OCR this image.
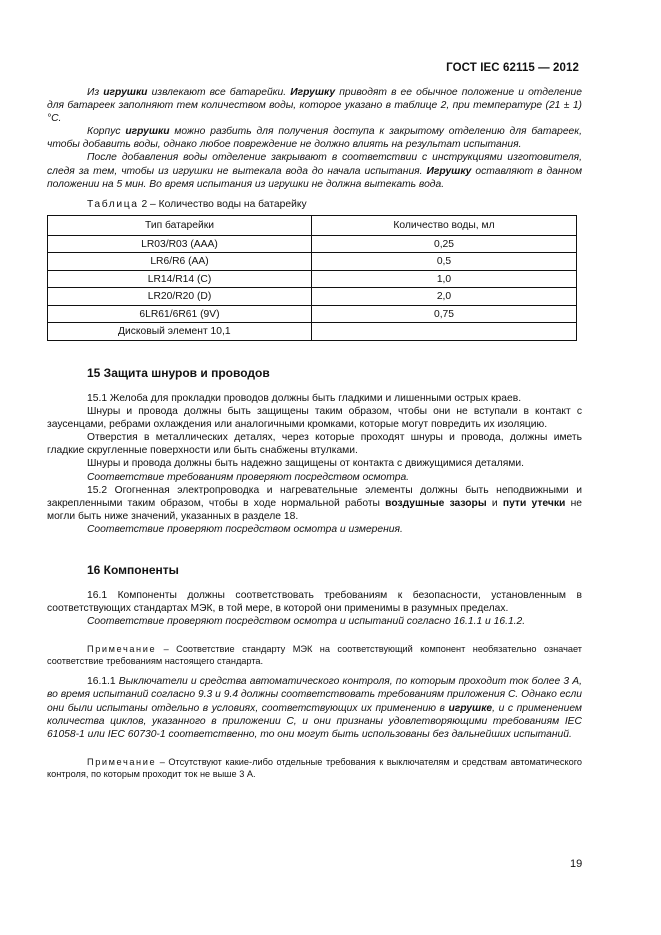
ГОСТ IEC 62115 — 2012

Из игрушки извлекают все батарейки. Игрушку приводят в ее обычное положение и отделение для батареек заполняют тем количеством воды, которое указано в таблице 2, при температуре (21 ± 1) °С.

Корпус игрушки можно разбить для получения доступа к закрытому отделению для батареек, чтобы добавить воды, однако любое повреждение не должно влиять на результат испытания.

После добавления воды отделение закрывают в соответствии с инструкциями изготовителя, следя за тем, чтобы из игрушки не вытекала вода до начала испытания. Игрушку оставляют в данном положении на 5 мин. Во время испытания из игрушки не должна вытекать вода.

Таблица 2 – Количество воды на батарейку
Тип батарейки	Количество воды, мл
LR03/R03 (AAA)	0,25
LR6/R6 (AA)	0,5
LR14/R14 (C)	1,0
LR20/R20 (D)	2,0
6LR61/6R61 (9V)	0,75
Дисковый элемент 10,1	
15 Защита шнуров и проводов

15.1 Желоба для прокладки проводов должны быть гладкими и лишенными острых краев.

Шнуры и провода должны быть защищены таким образом, чтобы они не вступали в контакт с заусенцами, ребрами охлаждения или аналогичными кромками, которые могут повредить их изоляцию.

Отверстия в металлических деталях, через которые проходят шнуры и провода, должны иметь гладкие скругленные поверхности или быть снабжены втулками.

Шнуры и провода должны быть надежно защищены от контакта с движущимися деталями.

Соответствие требованиям проверяют посредством осмотра.

15.2 Огогненная электропроводка и нагревательные элементы должны быть неподвижными и закрепленными таким образом, чтобы в ходе нормальной работы воздушные зазоры и пути утечки не могли быть ниже значений, указанных в разделе 18.

Соответствие проверяют посредством осмотра и измерения.

16 Компоненты

16.1 Компоненты должны соответствовать требованиям к безопасности, установленным в соответствующих стандартах МЭК, в той мере, в которой они применимы в разумных пределах.

Соответствие проверяют посредством осмотра и испытаний согласно 16.1.1 и 16.1.2.

Примечание – Соответствие стандарту МЭК на соответствующий компонент необязательно означает соответствие требованиям настоящего стандарта.

16.1.1 Выключатели и средства автоматического контроля, по которым проходит ток более 3 А, во время испытаний согласно 9.3 и 9.4 должны соответствовать требованиям приложения С. Однако если они были испытаны отдельно в условиях, соответствующих их применению в игрушке, и с применением количества циклов, указанного в приложении С, и они признаны удовлетворяющими требованиям IEC 61058-1 или IEC 60730-1 соответственно, то они могут быть использованы без дальнейших испытаний.

Примечание – Отсутствуют какие-либо отдельные требования к выключателям и средствам автоматического контроля, по которым проходит ток не выше 3 А.

19
